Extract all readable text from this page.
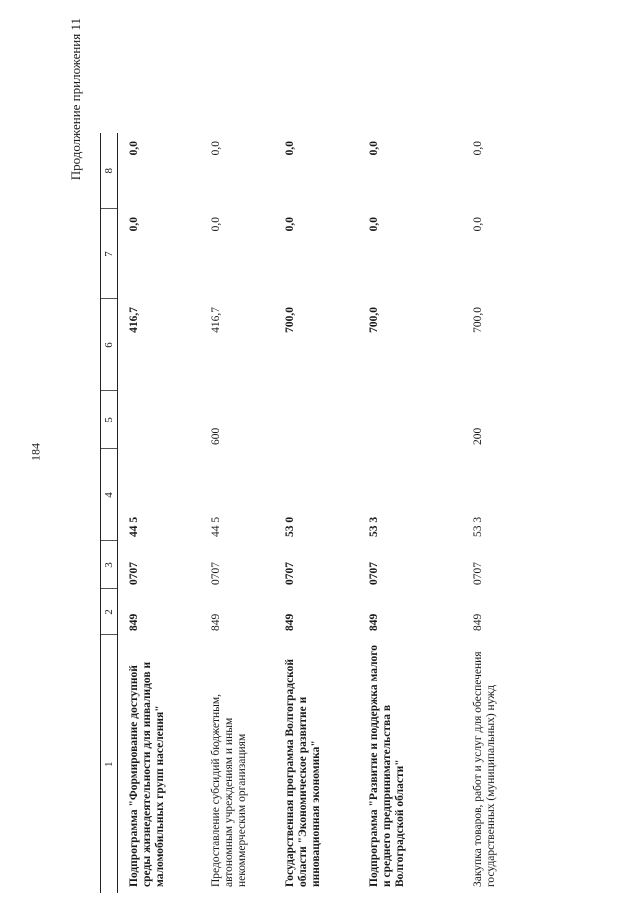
184
Продолжение приложения 11
1	2	3	4	5	6	7	8
Подпрограмма "Формирование доступной среды жизнедеятельности для инвалидов и маломобильных групп населения"	849	0707	44 5		416,7	0,0	0,0
Предоставление субсидий бюджетным, автономным учреждениям и иным некоммерческим организациям	849	0707	44 5	600	416,7	0,0	0,0
Государственная программа Волгоградской области "Экономическое развитие и инновационная экономика"	849	0707	53 0		700,0	0,0	0,0
Подпрограмма "Развитие и поддержка малого и среднего предпринимательства в Волгоградской области"	849	0707	53 3		700,0	0,0	0,0
Закупка товаров, работ и услуг для обеспечения государственных (муниципальных) нужд	849	0707	53 3	200	700,0	0,0	0,0
